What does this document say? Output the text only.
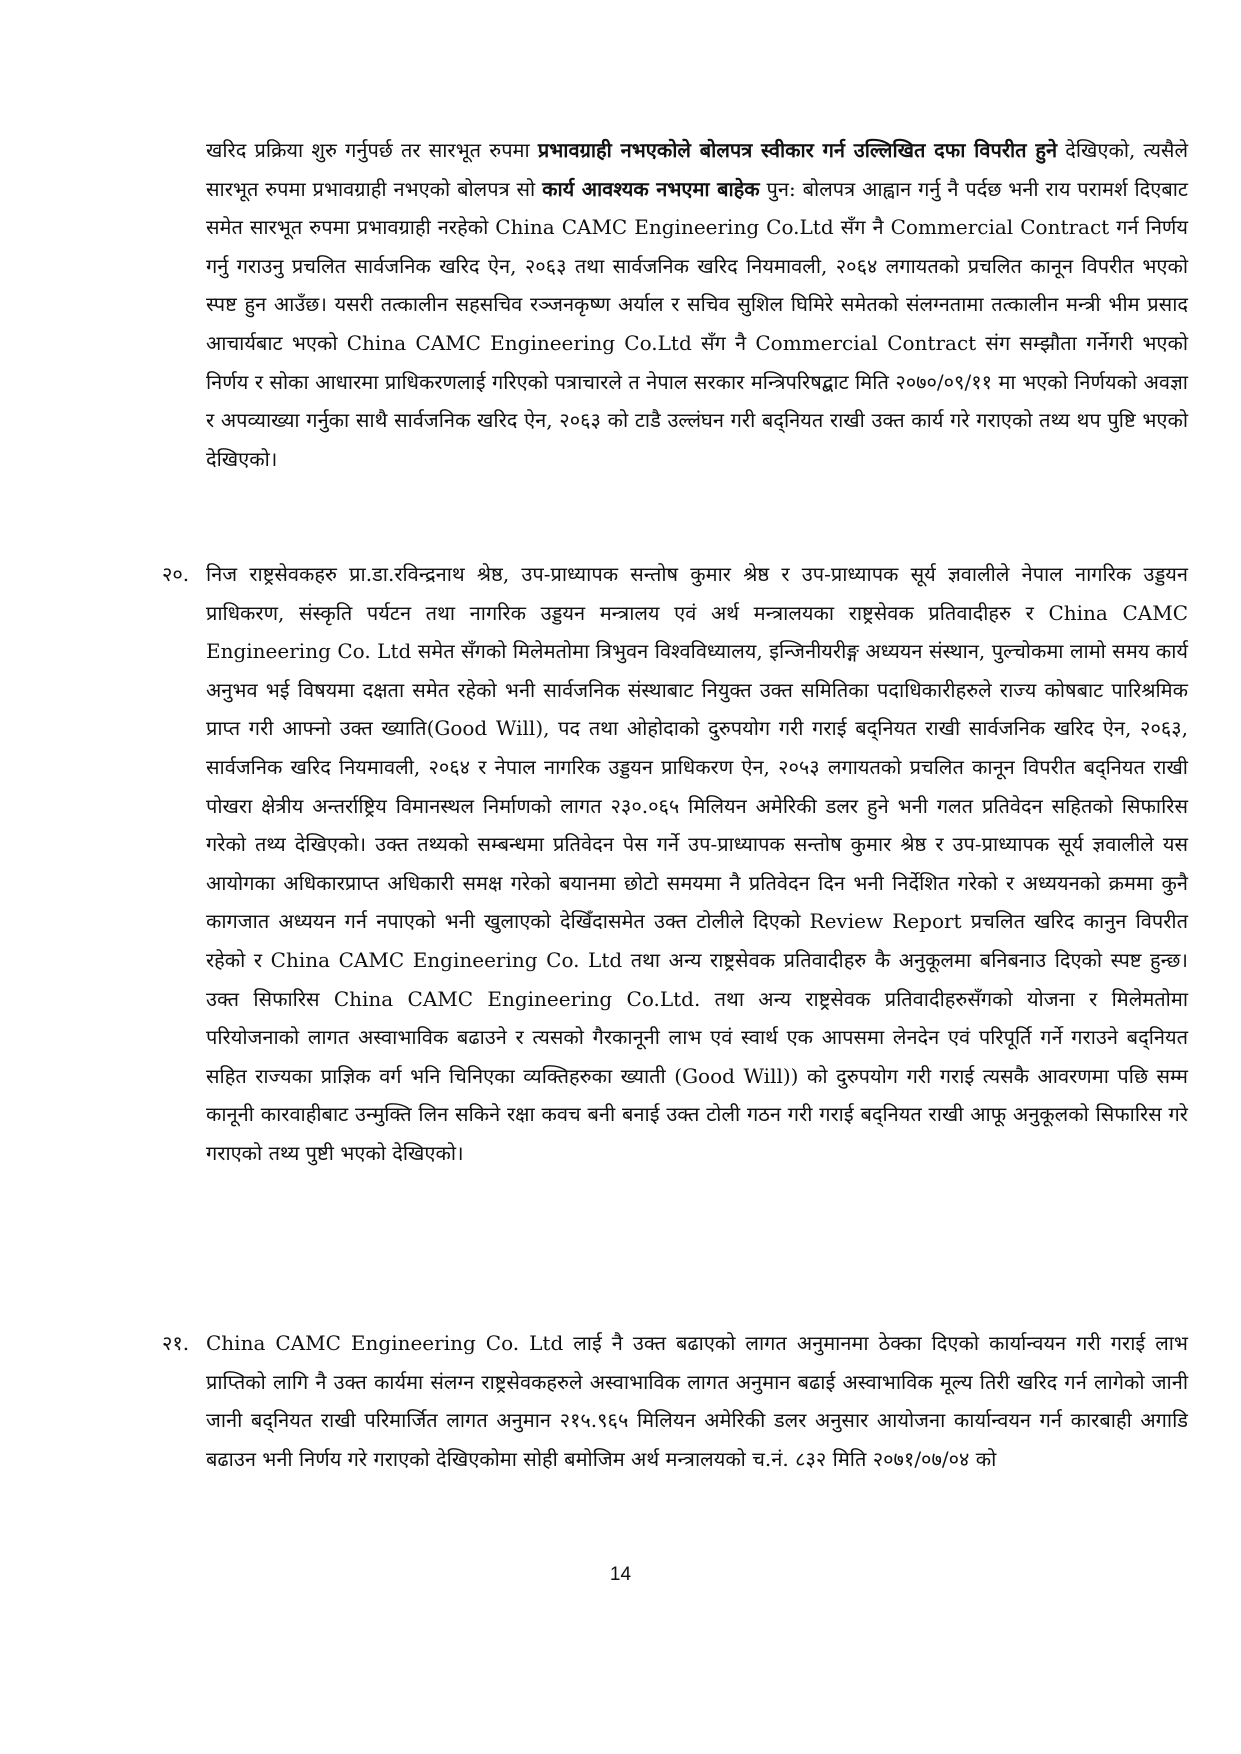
खरिद प्रक्रिया शुरु गर्नुपर्छ तर सारभूत रुपमा प्रभावग्राही नभएकोले बोलपत्र स्वीकार गर्न उल्लिखित दफा विपरीत हुने देखिएको, त्यसैले सारभूत रुपमा प्रभावग्राही नभएको बोलपत्र सो कार्य आवश्यक नभएमा बाहेक पुन: बोलपत्र आह्वान गर्नु नै पर्दछ भनी राय परामर्श दिएबाट समेत सारभूत रुपमा प्रभावग्राही नरहेको China CAMC Engineering Co.Ltd सँग नै Commercial Contract गर्न निर्णय गर्नु गराउनु प्रचलित सार्वजनिक खरिद ऐन, २०६३ तथा सार्वजनिक खरिद नियमावली, २०६४ लगायतको प्रचलित कानून विपरीत भएको स्पष्ट हुन आउँछ। यसरी तत्कालीन सहसचिव रञ्जनकृष्ण अर्याल र सचिव सुशिल घिमिरे समेतको संलग्नतामा तत्कालीन मन्त्री भीम प्रसाद आचार्यबाट भएको China CAMC Engineering Co.Ltd सँग नै Commercial Contract संग सम्झौता गर्नेगरी भएको निर्णय र सोका आधारमा प्राधिकरणलाई गरिएको पत्राचारले त नेपाल सरकार मन्त्रिपरिषद्बाट मिति २०७०/०९/११ मा भएको निर्णयको अवज्ञा र अपव्याख्या गर्नुका साथै सार्वजनिक खरिद ऐन, २०६३ को टाडै उल्लंघन गरी बद्नियत राखी उक्त कार्य गरे गराएको तथ्य थप पुष्टि भएको देखिएको।
२०. निज राष्ट्रसेवकहरु प्रा.डा.रविन्द्रनाथ श्रेष्ठ, उप-प्राध्यापक सन्तोष कुमार श्रेष्ठ र उप-प्राध्यापक सूर्य ज्ञवालीले नेपाल नागरिक उड्डयन प्राधिकरण, संस्कृति पर्यटन तथा नागरिक उड्डयन मन्त्रालय एवं अर्थ मन्त्रालयका राष्ट्रसेवक प्रतिवादीहरु र China CAMC Engineering Co. Ltd समेत सँगको मिलेमतोमा त्रिभुवन विश्वविध्यालय, इन्जिनीयरीङ्ग अध्ययन संस्थान, पुल्चोकमा लामो समय कार्य अनुभव भई विषयमा दक्षता समेत रहेको भनी सार्वजनिक संस्थाबाट नियुक्त उक्त समितिका पदाधिकारीहरुले राज्य कोषबाट पारिश्रमिक प्राप्त गरी आफ्नो उक्त ख्याति(Good Will), पद तथा ओहोदाको दुरुपयोग गरी गराई बद्नियत राखी सार्वजनिक खरिद ऐन, २०६३, सार्वजनिक खरिद नियमावली, २०६४ र नेपाल नागरिक उड्डयन प्राधिकरण ऐन, २०५३ लगायतको प्रचलित कानून विपरीत बद्नियत राखी पोखरा क्षेत्रीय अन्तर्राष्ट्रिय विमानस्थल निर्माणको लागत २३०.०६५ मिलियन अमेरिकी डलर हुने भनी गलत प्रतिवेदन सहितको सिफारिस गरेको तथ्य देखिएको। उक्त तथ्यको सम्बन्धमा प्रतिवेदन पेस गर्ने उप-प्राध्यापक सन्तोष कुमार श्रेष्ठ र उप-प्राध्यापक सूर्य ज्ञवालीले यस आयोगका अधिकारप्राप्त अधिकारी समक्ष गरेको बयानमा छोटो समयमा नै प्रतिवेदन दिन भनी निर्देशित गरेको र अध्ययनको क्रममा कुनै कागजात अध्ययन गर्न नपाएको भनी खुलाएको देखिँदासमेत उक्त टोलीले दिएको Review Report प्रचलित खरिद कानुन विपरीत रहेको र China CAMC Engineering Co. Ltd तथा अन्य राष्ट्रसेवक प्रतिवादीहरु कै अनुकूलमा बनिबनाउ दिएको स्पष्ट हुन्छ। उक्त सिफारिस China CAMC Engineering Co.Ltd. तथा अन्य राष्ट्रसेवक प्रतिवादीहरुसँगको योजना र मिलेमतोमा परियोजनाको लागत अस्वाभाविक बढाउने र त्यसको गैरकानूनी लाभ एवं स्वार्थ एक आपसमा लेनदेन एवं परिपूर्ति गर्ने गराउने बद्नियत सहित राज्यका प्राज्ञिक वर्ग भनि चिनिएका व्यक्तिहरुका ख्याती (Good Will)) को दुरुपयोग गरी गराई त्यसकै आवरणमा पछि सम्म कानूनी कारवाहीबाट उन्मुक्ति लिन सकिने रक्षा कवच बनी बनाई उक्त टोली गठन गरी गराई बद्नियत राखी आफू अनुकूलको सिफारिस गरे गराएको तथ्य पुष्टी भएको देखिएको।
२१. China CAMC Engineering Co. Ltd लाई नै उक्त बढाएको लागत अनुमानमा ठेक्का दिएको कार्यान्वयन गरी गराई लाभ प्राप्तिको लागि नै उक्त कार्यमा संलग्न राष्ट्रसेवकहरुले अस्वाभाविक लागत अनुमान बढाई अस्वाभाविक मूल्य तिरी खरिद गर्न लागेको जानी जानी बद्नियत राखी परिमार्जित लागत अनुमान २१५.९६५ मिलियन अमेरिकी डलर अनुसार आयोजना कार्यान्वयन गर्न कारबाही अगाडि बढाउन भनी निर्णय गरे गराएको देखिएकोमा सोही बमोजिम अर्थ मन्त्रालयको च.नं. ८३२ मिति २०७१/०७/०४ को
14
